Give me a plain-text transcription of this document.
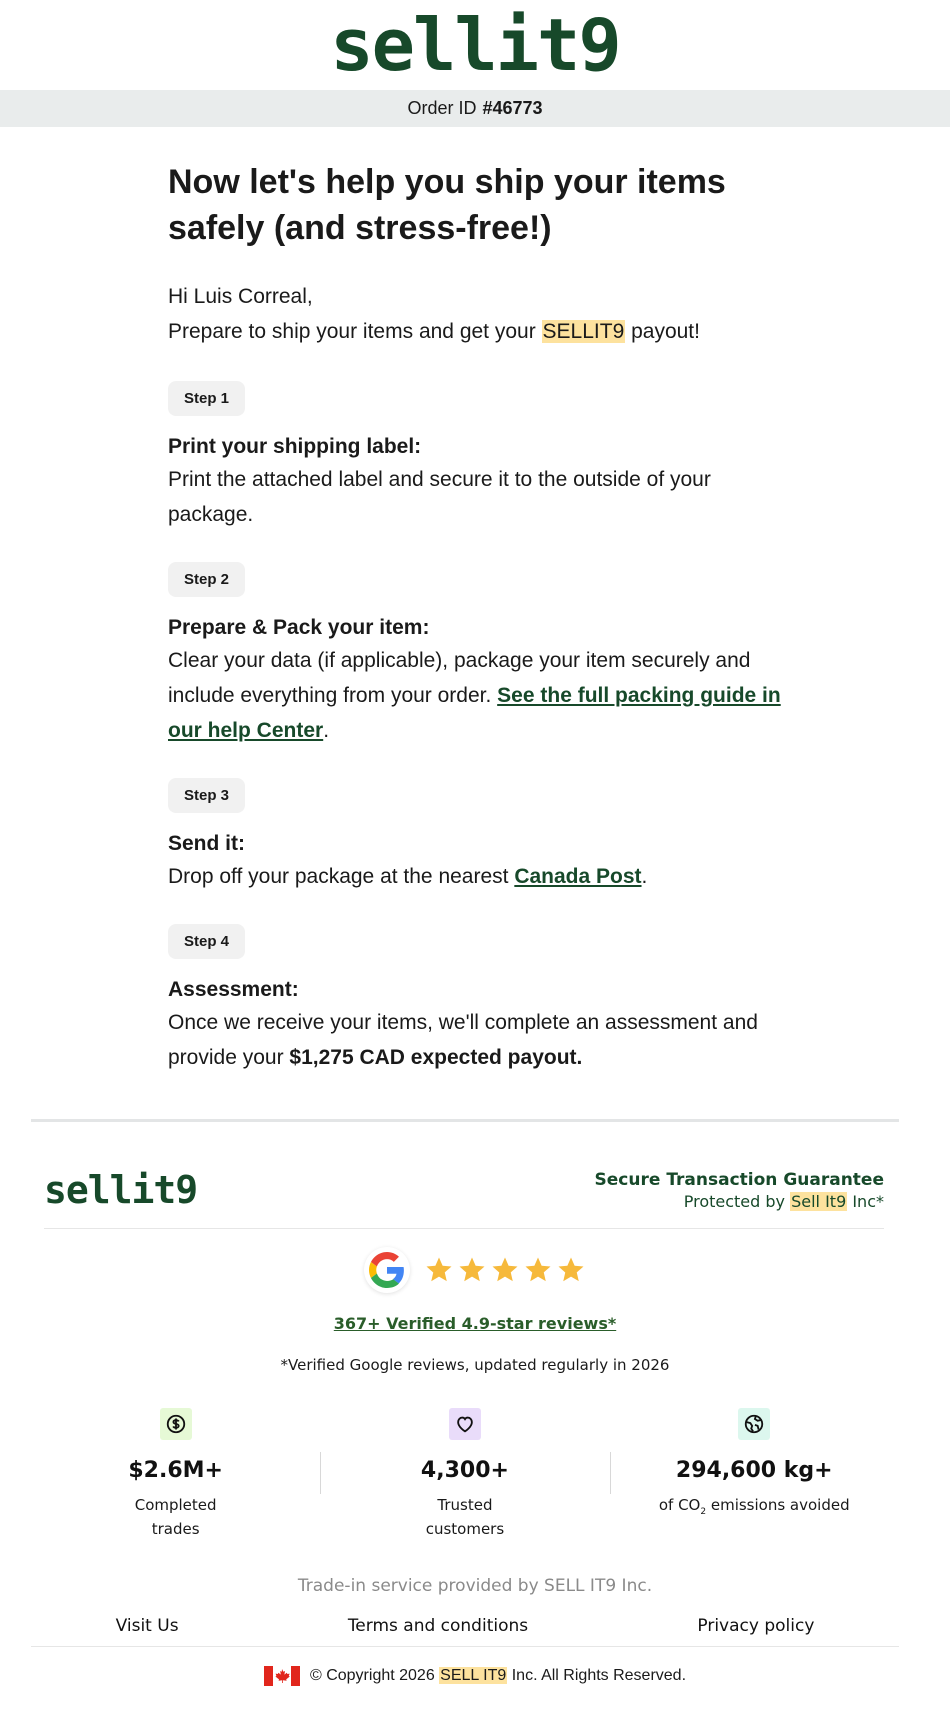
sellit9
Order ID #46773
Now let's help you ship your items safely (and stress-free!)
Hi Luis Correal,
Prepare to ship your items and get your SELLIT9 payout!
Step 1
Print your shipping label:
Print the attached label and secure it to the outside of your package.
Step 2
Prepare & Pack your item:
Clear your data (if applicable), package your item securely and include everything from your order. See the full packing guide in our help Center.
Step 3
Send it:
Drop off your package at the nearest Canada Post.
Step 4
Assessment:
Once we receive your items, we'll complete an assessment and provide your $1,275 CAD expected payout.
sellit9	Secure Transaction Guarantee
Protected by Sell It9 Inc*
367+ Verified 4.9-star reviews*
*Verified Google reviews, updated regularly in 2026
$2.6M+
Completed
trades
4,300+
Trusted
customers
294,600 kg+
of $CO_2$ emissions avoided
Trade-in service provided by SELL IT9 Inc.
Visit Us	Terms and conditions	Privacy policy
© Copyright 2026 SELL IT9 Inc. All Rights Reserved.
